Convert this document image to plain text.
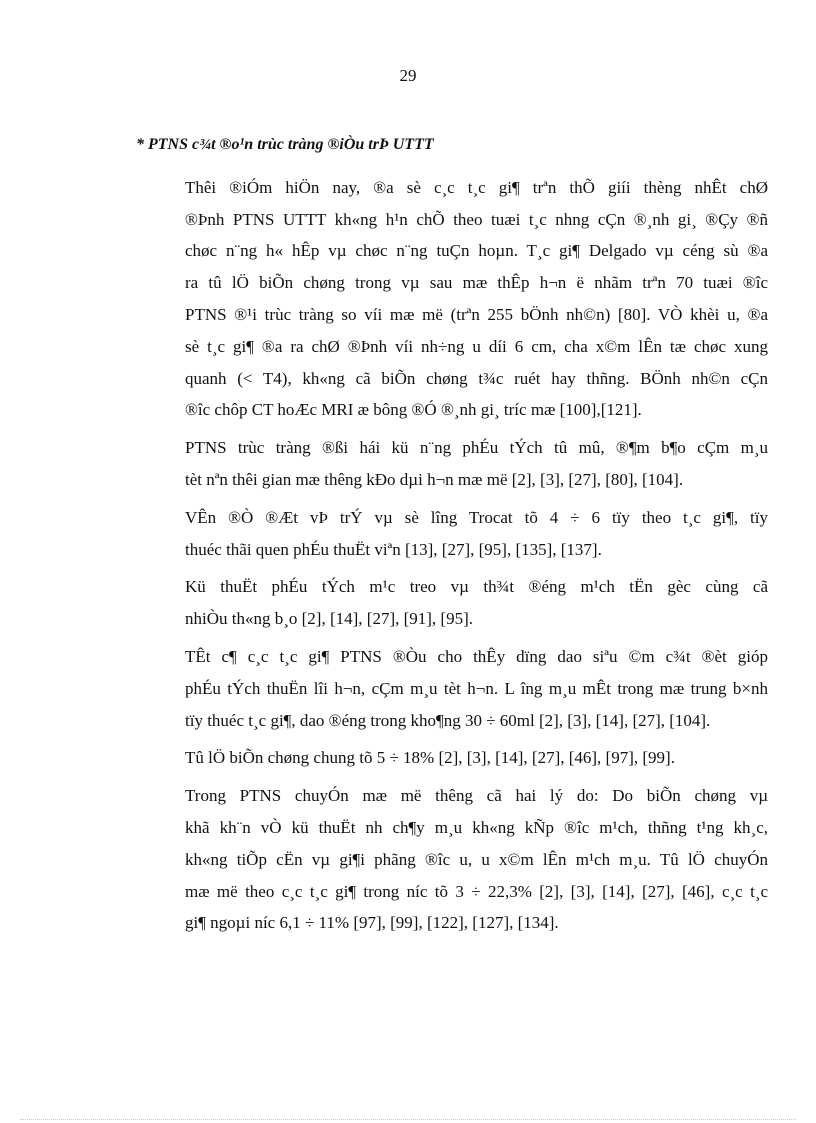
29
* PTNS c¾t ®o¹n trùc tràng ®iÒu trÞ UTTT
Thêi ®iÓm hiÖn nay, ®a sè c¸c t¸c gi¶ trªn thÕ giíi thèng nhÊt chØ
®Þnh PTNS UTTT kh«ng h¹n chÕ theo tuæi t¸c nhng cÇn ®¸nh gi¸ ®Çy ®ñ
chøc n¨ng h« hÊp vµ chøc n¨ng tuÇn hoµn. T¸c gi¶ Delgado vµ céng sù ®a
ra tû lÖ biÕn chøng trong vµ sau mæ thÊp h¬n ë nhãm trªn 70 tuæi ®îc
PTNS ®¹i trùc tràng so víi mæ më (trªn 255 bÖnh nh©n) [80]. VÒ khèi u, ®a
sè t¸c gi¶ ®a ra chØ ®Þnh víi nh÷ng u díi 6 cm, cha x©m lÊn tæ chøc xung
quanh (< T4), kh«ng cã biÕn chøng t¾c ruét hay thñng. BÖnh nh©n cÇn
®îc chôp CT hoÆc MRI æ bông ®Ó ®¸nh gi¸ tríc mæ [100],[121].
PTNS trùc tràng ®ßi hái kü n¨ng phÉu tÝch tû mû, ®¶m b¶o cÇm m¸u
tèt nªn thêi gian mæ thêng kÐo dµi h¬n mæ më [2], [3], [27], [80], [104].
VÊn ®Ò ®Æt vÞ trÝ vµ sè lîng Trocat tõ 4 ÷ 6 tïy theo t¸c gi¶, tïy
thuéc thãi quen phÉu thuËt viªn [13], [27], [95], [135], [137].
Kü thuËt phÉu tÝch m¹c treo vµ th¾t ®éng m¹ch tËn gèc cùng cã
nhiÒu th«ng b¸o [2], [14], [27], [91], [95].
TÊt c¶ c¸c t¸c gi¶ PTNS ®Òu cho thÊy dïng dao siªu ©m c¾t ®èt gióp
phÉu tÝch thuËn lîi h¬n, cÇm m¸u tèt h¬n. L îng m¸u mÊt trong mæ trung b×nh
tïy thuéc t¸c gi¶, dao ®éng trong kho¶ng 30 ÷ 60ml [2], [3], [14], [27], [104].
Tû lÖ biÕn chøng chung tõ 5 ÷ 18% [2], [3], [14], [27], [46], [97], [99].
Trong PTNS chuyÓn mæ më thêng cã hai lý do: Do biÕn chøng vµ
khã kh¨n vÒ kü thuËt nh ch¶y m¸u kh«ng kÑp ®îc m¹ch, thñng t¹ng kh¸c,
kh«ng tiÕp cËn vµ gi¶i phãng ®îc u, u x©m lÊn m¹ch m¸u. Tû lÖ chuyÓn
mæ më theo c¸c t¸c gi¶ trong níc tõ 3 ÷ 22,3% [2], [3], [14], [27], [46], c¸c t¸c
gi¶ ngoµi níc 6,1 ÷ 11% [97], [99], [122], [127], [134].
